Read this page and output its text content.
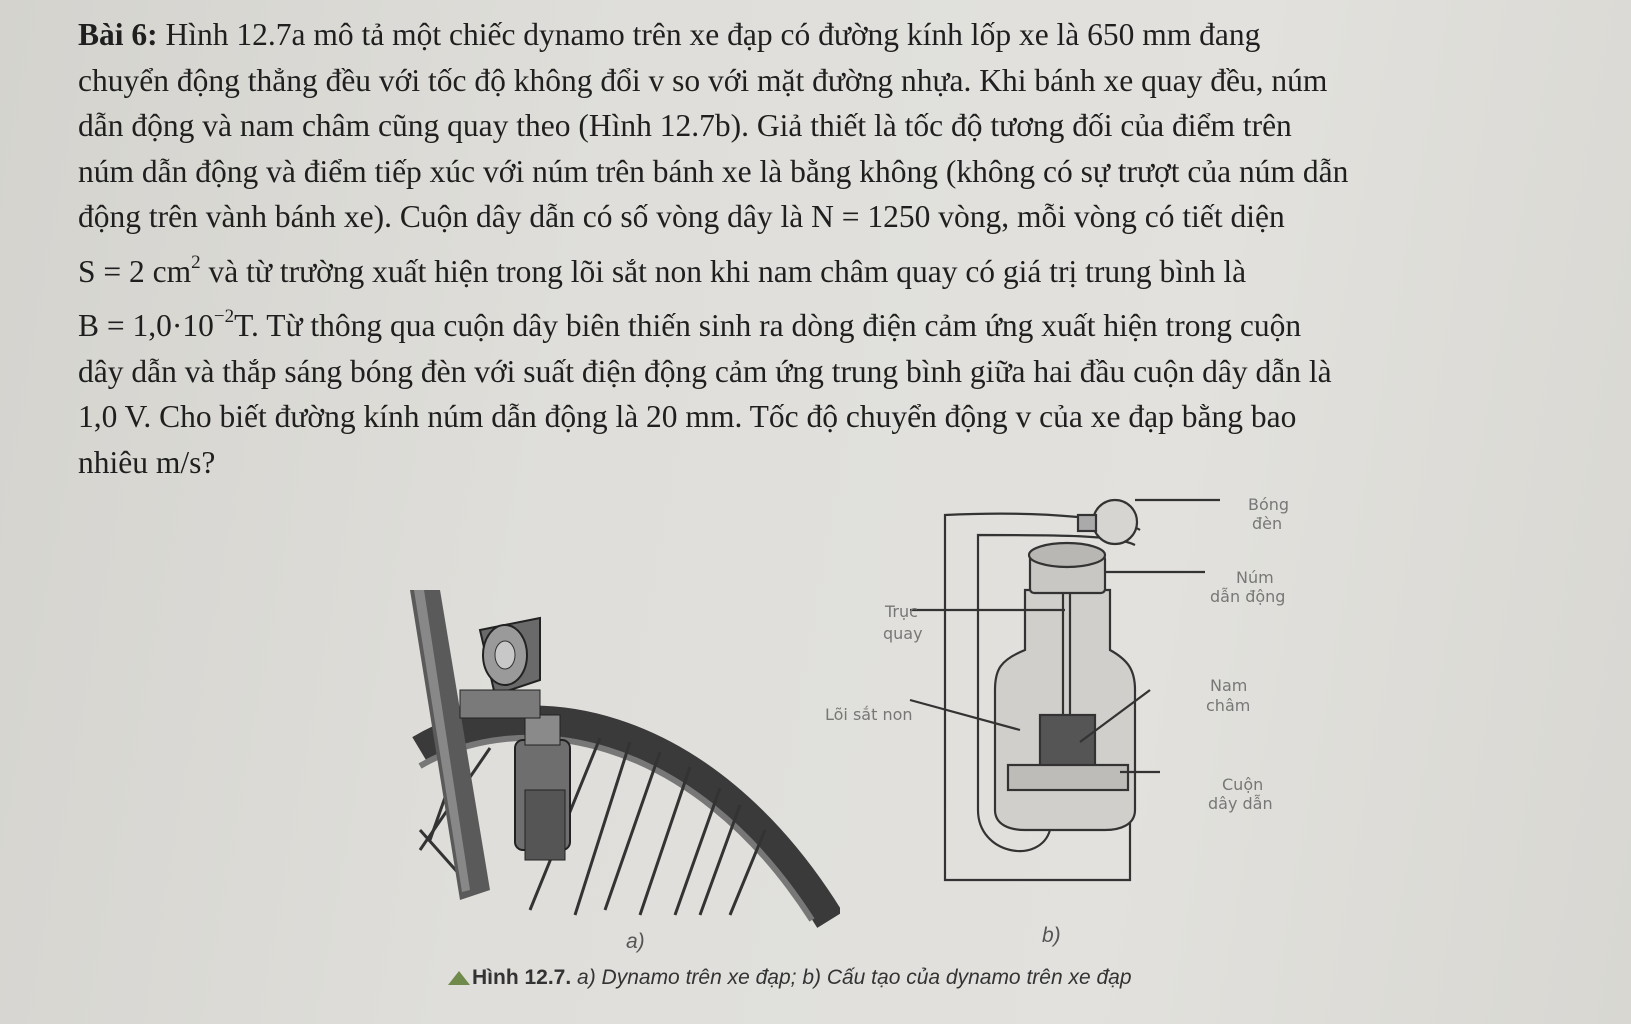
Bài 6: Hình 12.7a mô tả một chiếc dynamo trên xe đạp có đường kính lốp xe là 650 mm đang
chuyển động thẳng đều với tốc độ không đổi v so với mặt đường nhựa. Khi bánh xe quay đều, núm
dẫn động và nam châm cũng quay theo (Hình 12.7b). Giả thiết là tốc độ tương đối của điểm trên
núm dẫn động và điểm tiếp xúc với núm trên bánh xe là bằng không (không có sự trượt của núm dẫn
động trên vành bánh xe). Cuộn dây dẫn có số vòng dây là N = 1250 vòng, mỗi vòng có tiết diện
S = 2 $cm^2$ và từ trường xuất hiện trong lõi sắt non khi nam châm quay có giá trị trung bình là
$B = 1,0\cdot 10^{-2}T$. Từ thông qua cuộn dây biên thiến sinh ra dòng điện cảm ứng xuất hiện trong cuộn
dây dẫn và thắp sáng bóng đèn với suất điện động cảm ứng trung bình giữa hai đầu cuộn dây dẫn là
1,0 V. Cho biết đường kính núm dẫn động là 20 mm. Tốc độ chuyển động v của xe đạp bằng bao
nhiêu m/s?
Bóng
đèn
Núm
dẫn động
Trục
quay
Nam
châm
Lõi sắt non
Cuộn
dây dẫn
a)	b)
Hình 12.7. a) Dynamo trên xe đạp; b) Cấu tạo của dynamo trên xe đạp
